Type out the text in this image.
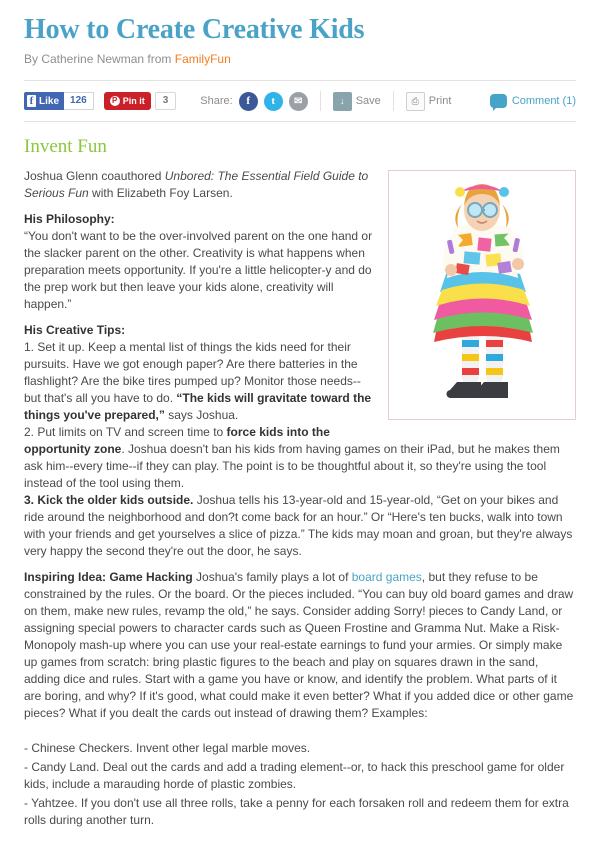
How to Create Creative Kids
By Catherine Newman from FamilyFun
f Like	126	P Pin it	3	Share:	f	t	✉	↓	Save	⎙ Print	Comment (1)
Invent Fun

Joshua Glenn coauthored Unbored: The Essential Field Guide to Serious Fun with Elizabeth Foy Larsen.

His Philosophy:
“You don't want to be the over-involved parent on the one hand or the slacker parent on the other. Creativity is what happens when preparation meets opportunity. If you're a little helicopter-y and do the prep work but then leave your kids alone, creativity will happen.”

His Creative Tips:
1. Set it up. Keep a mental list of things the kids need for their pursuits. Have we got enough paper? Are there batteries in the flashlight? Are the bike tires pumped up? Monitor those needs--but that's all you have to do. “The kids will gravitate toward the things you've prepared,” says Joshua.
2. Put limits on TV and screen time to force kids into the opportunity zone. Joshua doesn't ban his kids from having games on their iPad, but he makes them ask him--every time--if they can play. The point is to be thoughtful about it, so they're using the tool instead of the tool using them.
3. Kick the older kids outside. Joshua tells his 13-year-old and 15-year-old, “Get on your bikes and ride around the neighborhood and don?t come back for an hour.” Or “Here's ten bucks, walk into town with your friends and get yourselves a slice of pizza.” The kids may moan and groan, but they're always very happy the second they're out the door, he says.

Inspiring Idea: Game Hacking Joshua's family plays a lot of board games, but they refuse to be constrained by the rules. Or the board. Or the pieces included. “You can buy old board games and draw on them, make new rules, revamp the old,” he says. Consider adding Sorry! pieces to Candy Land, or assigning special powers to character cards such as Queen Frostine and Gramma Nut. Make a Risk-Monopoly mash-up where you can use your real-estate earnings to fund your armies. Or simply make up games from scratch: bring plastic figures to the beach and play on squares drawn in the sand, adding dice and rules. Start with a game you have or know, and identify the problem. What parts of it are boring, and why? If it's good, what could make it even better? What if you added dice or other game pieces? What if you dealt the cards out instead of drawing them? Examples:

- Chinese Checkers. Invent other legal marble moves.

- Candy Land. Deal out the cards and add a trading element--or, to hack this preschool game for older kids, include a marauding horde of plastic zombies.

- Yahtzee. If you don't use all three rolls, take a penny for each forsaken roll and redeem them for extra rolls during another turn.
